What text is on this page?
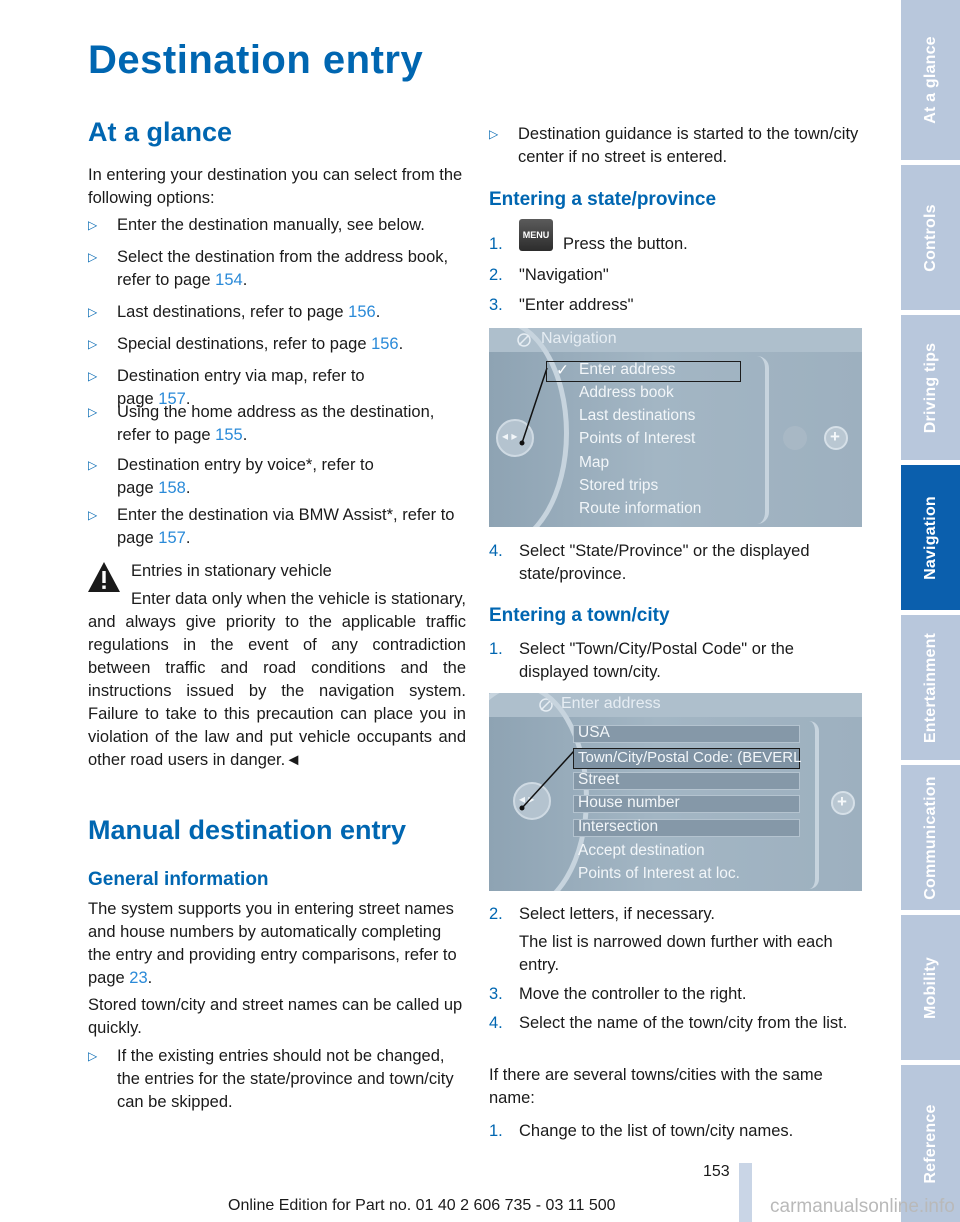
Destination entry
At a glance
In entering your destination you can select from the following options:
▷ Enter the destination manually, see below.
▷ Select the destination from the address book, refer to page 154.
▷ Last destinations, refer to page 156.
▷ Special destinations, refer to page 156.
▷ Destination entry via map, refer to page 157.
▷ Using the home address as the destination, refer to page 155.
▷ Destination entry by voice*, refer to page 158.
▷ Enter the destination via BMW Assist*, refer to page 157.
Entries in stationary vehicle
Enter data only when the vehicle is stationary, and always give priority to the applicable traffic regulations in the event of any contradiction between traffic and road conditions and the instructions issued by the navigation system. Failure to take to this precaution can place you in violation of the law and put vehicle occupants and other road users in danger.◄
Manual destination entry
General information
The system supports you in entering street names and house numbers by automatically completing the entry and providing entry comparisons, refer to page 23.
Stored town/city and street names can be called up quickly.
▷ If the existing entries should not be changed, the entries for the state/province and town/city can be skipped.
▷ Destination guidance is started to the town/city center if no street is entered.
Entering a state/province
1.	MENU Press the button.
2. "Navigation"
3. "Enter address"
Navigation
◂ ▸
✓ Enter address
Address book
Last destinations
Points of Interest
Map
Stored trips
Route information
+
4. Select "State/Province" or the displayed state/province.
Entering a town/city
1. Select "Town/City/Postal Code" or the displayed town/city.
Enter address
◂ ▸
USA
Town/City/Postal Code: (BEVERL
Street
House number
Intersection
Accept destination
Points of Interest at loc.
+
2. Select letters, if necessary.
The list is narrowed down further with each entry.
3. Move the controller to the right.
4. Select the name of the town/city from the list.
If there are several towns/cities with the same name:
1. Change to the list of town/city names.
At a glance
Controls
Driving tips
Navigation
Entertainment
Communication
Mobility
Reference
153
Online Edition for Part no. 01 40 2 606 735 - 03 11 500	carmanualsonline.info
